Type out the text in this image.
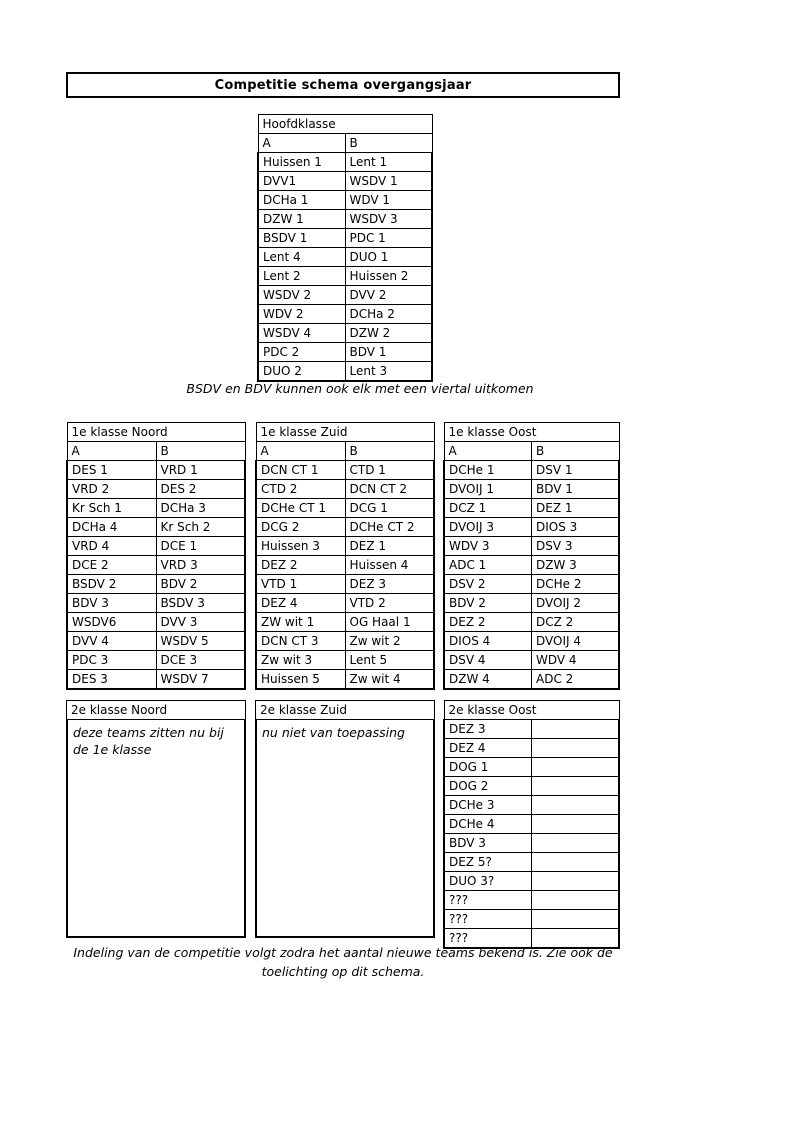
Competitie schema overgangsjaar
Hoofdklasse	
A	B
Huissen 1	Lent 1
DVV1	WSDV 1
DCHa 1	WDV 1
DZW 1	WSDV 3
BSDV 1	PDC 1
Lent 4	DUO 1
Lent 2	Huissen 2
WSDV 2	DVV 2
WDV 2	DCHa 2
WSDV 4	DZW 2
PDC 2	BDV 1
DUO 2	Lent 3
BSDV en BDV kunnen ook elk met een viertal uitkomen
1e klasse Noord	
A	B
DES 1	VRD 1
VRD 2	DES 2
Kr Sch 1	DCHa 3
DCHa 4	Kr Sch 2
VRD 4	DCE 1
DCE 2	VRD 3
BSDV 2	BDV 2
BDV 3	BSDV 3
WSDV6	DVV 3
DVV 4	WSDV 5
PDC 3	DCE 3
DES 3	WSDV 7
1e klasse Zuid	
A	B
DCN CT 1	CTD 1
CTD 2	DCN CT 2
DCHe CT 1	DCG 1
DCG 2	DCHe CT 2
Huissen 3	DEZ 1
DEZ 2	Huissen 4
VTD 1	DEZ 3
DEZ 4	VTD 2
ZW wit 1	OG Haal 1
DCN CT 3	Zw wit 2
Zw wit 3	Lent 5
Huissen 5	Zw wit 4
1e klasse Oost	
A	B
DCHe 1	DSV 1
DVOIJ 1	BDV 1
DCZ 1	DEZ 1
DVOIJ 3	DIOS 3
WDV 3	DSV 3
ADC 1	DZW 3
DSV 2	DCHe 2
BDV 2	DVOIJ 2
DEZ 2	DCZ 2
DIOS 4	DVOIJ 4
DSV 4	WDV 4
DZW 4	ADC 2
2e klasse Noord
deze teams zitten nu bij de 1e klasse
2e klasse Zuid
nu niet van toepassing
2e klasse Oost	
DEZ 3	
DEZ 4	
DOG 1	
DOG 2	
DCHe 3	
DCHe 4	
BDV 3	
DEZ 5?	
DUO 3?	
???	
???	
???	
Indeling van de competitie volgt zodra het aantal nieuwe teams bekend is. Zie ook de toelichting op dit schema.
